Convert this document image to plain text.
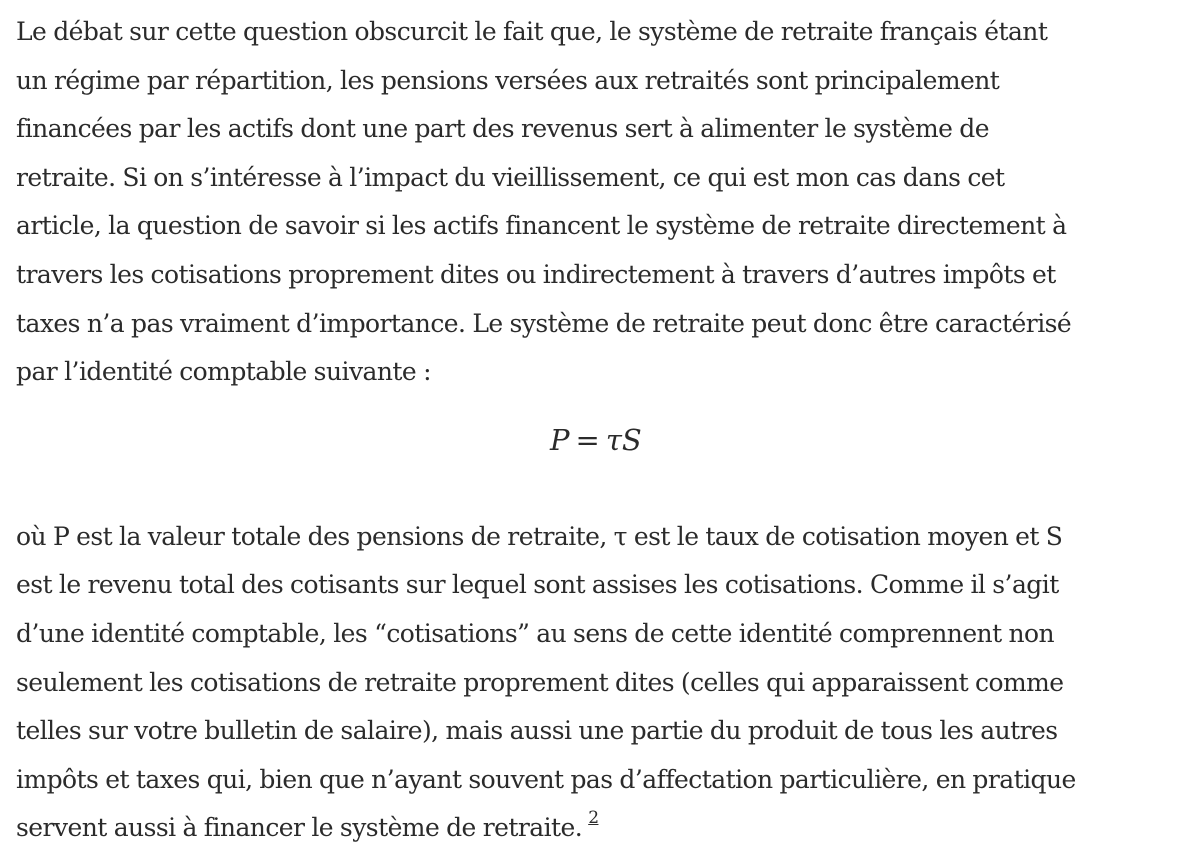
Le débat sur cette question obscurcit le fait que, le système de retraite français étant
un régime par répartition, les pensions versées aux retraités sont principalement
financées par les actifs dont une part des revenus sert à alimenter le système de
retraite. Si on s’intéresse à l’impact du vieillissement, ce qui est mon cas dans cet
article, la question de savoir si les actifs financent le système de retraite directement à
travers les cotisations proprement dites ou indirectement à travers d’autres impôts et
taxes n’a pas vraiment d’importance. Le système de retraite peut donc être caractérisé
par l’identité comptable suivante :

P = τS

où P est la valeur totale des pensions de retraite, τ est le taux de cotisation moyen et S
est le revenu total des cotisants sur lequel sont assises les cotisations. Comme il s’agit
d’une identité comptable, les “cotisations” au sens de cette identité comprennent non
seulement les cotisations de retraite proprement dites (celles qui apparaissent comme
telles sur votre bulletin de salaire), mais aussi une partie du produit de tous les autres
impôts et taxes qui, bien que n’ayant souvent pas d’affectation particulière, en pratique
servent aussi à financer le système de retraite. $^2$
